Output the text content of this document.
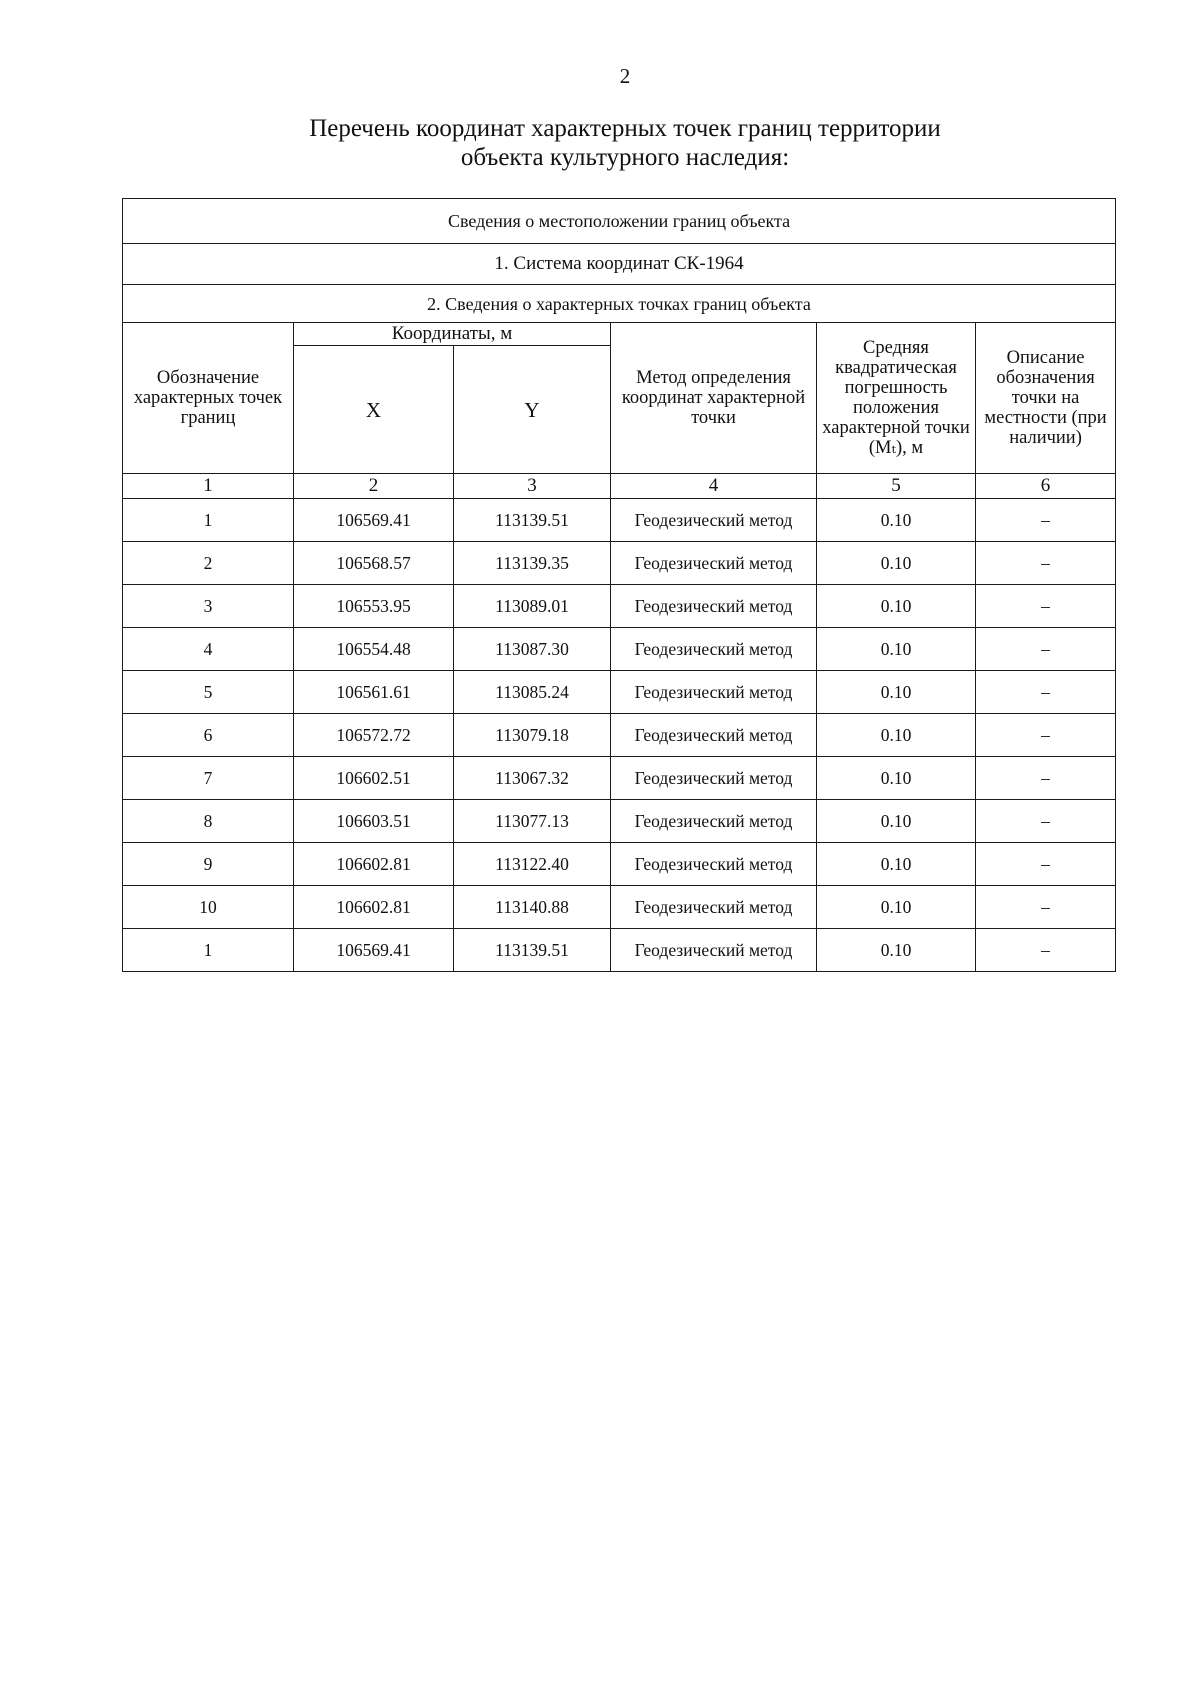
2
Перечень координат характерных точек границ территории
объекта культурного наследия:
Сведения о местоположении границ объекта					
1. Система координат СК-1964					
2. Сведения о характерных точках границ объекта					
Обозначение характерных точек границ	Координаты, м		Метод определения координат характерной точки	Средняя квадратическая погрешность положения характерной точки (Mₜ), м	Описание обозначения точки на местности (при наличии)
	X	Y			
1	2	3	4	5	6
1	106569.41	113139.51	Геодезический метод	0.10	–
2	106568.57	113139.35	Геодезический метод	0.10	–
3	106553.95	113089.01	Геодезический метод	0.10	–
4	106554.48	113087.30	Геодезический метод	0.10	–
5	106561.61	113085.24	Геодезический метод	0.10	–
6	106572.72	113079.18	Геодезический метод	0.10	–
7	106602.51	113067.32	Геодезический метод	0.10	–
8	106603.51	113077.13	Геодезический метод	0.10	–
9	106602.81	113122.40	Геодезический метод	0.10	–
10	106602.81	113140.88	Геодезический метод	0.10	–
1	106569.41	113139.51	Геодезический метод	0.10	–
